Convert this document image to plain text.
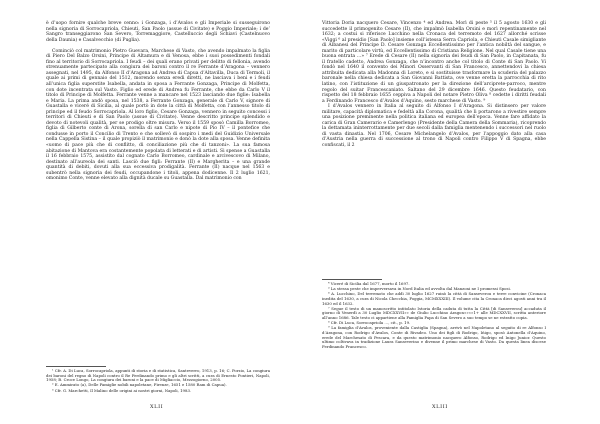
è d’uopo fornire qualche breve cenno: i Gonzaga, i d’Avalos e gli Imperiale si susseguirono nella signoria di Sorrocapriola, Chieuti, San Paolo (assue di Civitate) e Poggio Imperiale; i de’ Sangro transeggiarono San Severo, Torremaggiore, Castelluccio degli Schiavi (Castelnuovo della Daunia) e Casalvecchio (di Puglia).

Cominciò col matrimonio Pietro Guevara, Marchese di Vasto, che avendo impalmato la figlia di Piero Del Balzo Orsini, Principe di Altamura e di Venosa, ebbe i suoi possedimenti fondali fino al territorio di Sorrocapriola. I feudi – dei quali erano privati per delitto di fellonia, avendo strenuamente partecipato alla congiura dei baroni contro il re Ferrante d’Aragona – vennero assegnati, nel 1495, da Alfonso II d’Aragona ad Andrea di Capua d’Altavilla, Duca di Termoli, il quale ai primi di gennaio del 1512, morendo senza eredi diretti, ne lasciava i beni e i feudi all’unica figlia superstite Isabella, andata in sposa a Ferrante Gonzaga, Principe di Molfetta, con dote incentrata sul Vasto. Figlio ed erede di Andrea fu Ferrante, che ebbe da Carlo V il titolo di Principe di Molfetta. Ferrante venne a mancare nel 1523 lasciando due figlie: Isabella e Maria. La prima andò sposa, nel 1538, a Ferrante Gonzaga, generale di Carlo V, signore di Guastalla e viceré di Sicilia, al quale portò in dote la città di Molfetta, con l’annesso titolo di principe ed il feudo Sorrocapriola. Al loro figlio, Cesare Gonzaga, vennero in seguito concessi i territori di Chieuti e di San Paolo (assue di Civitate). Venne descritto principe splendido e devoto di notevoli qualità, per se prodigo oltre misura. Verso il 1559 sposò Camilla Borromeo, figlia di Gilberto conte di Arona, sorella di san Carlo e nipote di Pio IV – il pontefice che condusse in porto il Concilio di Trento e che sollevò di sospiro i medi del Guidizio Universale nella Cappella Sistina – il quale propiziò il matrimonio e donò la dote alla sposa. Venne definita «uomo di pace più che di conflitto, di conciliazione più che di tanzoni». La sua famosa abitazione di Mantova era costantemente popolata di letterati e di artisti. Si spense a Guastalla il 16 febbraio 1575, assistito dal cognato Carlo Borromeo, cardinale e arcivescovo di Milano, destinato all’aureola dei santi. Lasciò due figli: Ferrante (II) e Margherita – e una grande quantità di debiti, dovuti alla sua eccessiva prodigalità. Ferrante (II) nacque nel 1563 e subentrò nella signoria dei feudi, occupandone i titoli, appena dodicenne. Il 2 luglio 1621, omonimo Conte, venne elevato alla dignità ducale su Guastalla. Dal matrimonio con

¹ Cfr. A. Di Luca, Sorrocapriola, appunti di storia e di statistica, Santeverro, 1913, p. 16; C. Porzio, La congiura dei baroni del regno di Napoli contro il Re Ferdinando primo e gli altri scritti, a cura di Ernesto Pontieri, Napoli, 1958; B. Croce Longo, La congiura dei baroni e la pace di Migliaccio, Mezzogiorno, 2005.

² E. Ammirato (a), Delle Famiglie nobili napoletane, Firenze, 1651 e 1580 Ram di Capua).

³ Cfr. G. Marchetti, Il Malino delle origini ai nostri giorni, Napoli, 1983.

XLII

Vittoria Doria nacquero Cesare, Vincenzo ⁴ ed Andrea. Morì di peste ⁵ il 5 agosto 1630 e gli succedette il primogenito Cesare (II), che impalmò Isabella Orsini e morì repentinamente nel 1632; a costui si riferisce Lucchino nella Cronaca del terremoto del 1627 allorché scrisse «Viggi ⁶ al presidio [San Paolo] insieme coll’istessa Serra Capriola, e Chieuti Casale simigliante di Albanesi del Principe D. Cesare Gonzaga Eccellentissimo per l’antica nobiltà del sangue, e marito di particolare virtù, ed Eccellentissimo di Cristiana Religione. Nel qual Casale tiene una buona entrata …» ⁷ Erede di Cesare (II) nella signoria dei feudi di San Paolo, in Capitanata, fu il fratello cadetto, Andrea Gonzaga, che n’incontro anche col titolo di Conte di San Paolo. Vi fondò nel 1640 il convento dei Minori Osservanti di San Francesco, annettendovi la chiesa attribuita dedicata alla Madonna di Loreto, e si sostituisse trasformare la scuderia del palazzo baronale nella chiesa dedicata a San Giovanni Battista, ove venne eretta la parrocchia di rito latino, con l’istituzione di un giuspatronato per la direzione dell’arciprete-parroco, mentre regolo del suitar Francescaniato. Saltano del 29 dicembre 1646. Questo feudatario, con rispetto del 18 febbraio 1655 ceppiva a Napoli del notare Pietro Oliva ⁸ cedette i diritti feudali a Ferdinando Francesco d’Avalos d’Aquino, sesto marchese di Vasto. ⁹

I d’Avalos vennero in Italia al seguito di Alfonso I d’Aragona. Si distinsero per valore militare, capacità diplomatica e fedeltà alla Corona, qualità che li portarono a rivestire sempre una posizione preminente nella politica italiana ed europea dell’epoca. Venne fare affidato la carica di Gran Camerario e Camerlengo (Presidente della Camera della Sommaria), ricoprendo la dettamata ininterrottamente per due secoli dalla famiglia mentenendo i successori nel ruolo di vasta dinastia. Nel 1706, Cesare Michelangelo d’Avalos, per l’appoggio dato alla casa d’Austria nella guerra di successione al trono di Napoli contro Filippo V di Spagna, ebbe confiscati, il 2

⁴ Viceré di Sicilia dal 1677, morto il 1697.

⁵ La stessa peste che imperversava in Nord Italia ed avvolta dal Manzoni ne I promessi Sposi.

⁶ A. Lucchino, Del terremoto che addì 30 luglio 1627 ruinò la città di Sanseverou e terre convicine (Cronaca inedita del 1630, a cura di Nicola Checchia, Foggia, MCMXXXIII). Il volume cita la Cronaca dieci agosti anni tra il 1630 ed il 1632.

⁷ Segue il testo di un manoscritto intitolato Istoria della caduta di tutta la Città [di Sanseverou] accaduta il giorno di Venerdì a 30 Luglio MDCXXVII»» de Giulio Lucchino Aragon«»«»1+ alle MDCXXVII, scritta anteriore all’anno 1686. Tale testo ci appartiene alla Famiglia Papa di San Severo a suo tempo se ne estratto copia.

⁸ Cfr. Di Luca, Sorrocapriola …, cit., p. 19.

⁹ La famiglia d’Avalos, proveniente dalla Castiglia (Spagna), arrivò nel Napoletano al seguito di re Alfonso I d’Aragona, con Rodrigo d’Avalos, Conte di Rivadeo. Uno dei figli di Rodrigo, Iñigo, sposò Antonella d’Aquino, erede del Marchesato di Pescara, e da questo matrimonio nacquero Alfonso, Rodrigo ed Inigo Junior. Questo ultimo coltivava in tradizione Laura Sanseverino e divenne il primo marchese di Vasto. Da questa linea discese Ferdinando Francesco.

XLIII
